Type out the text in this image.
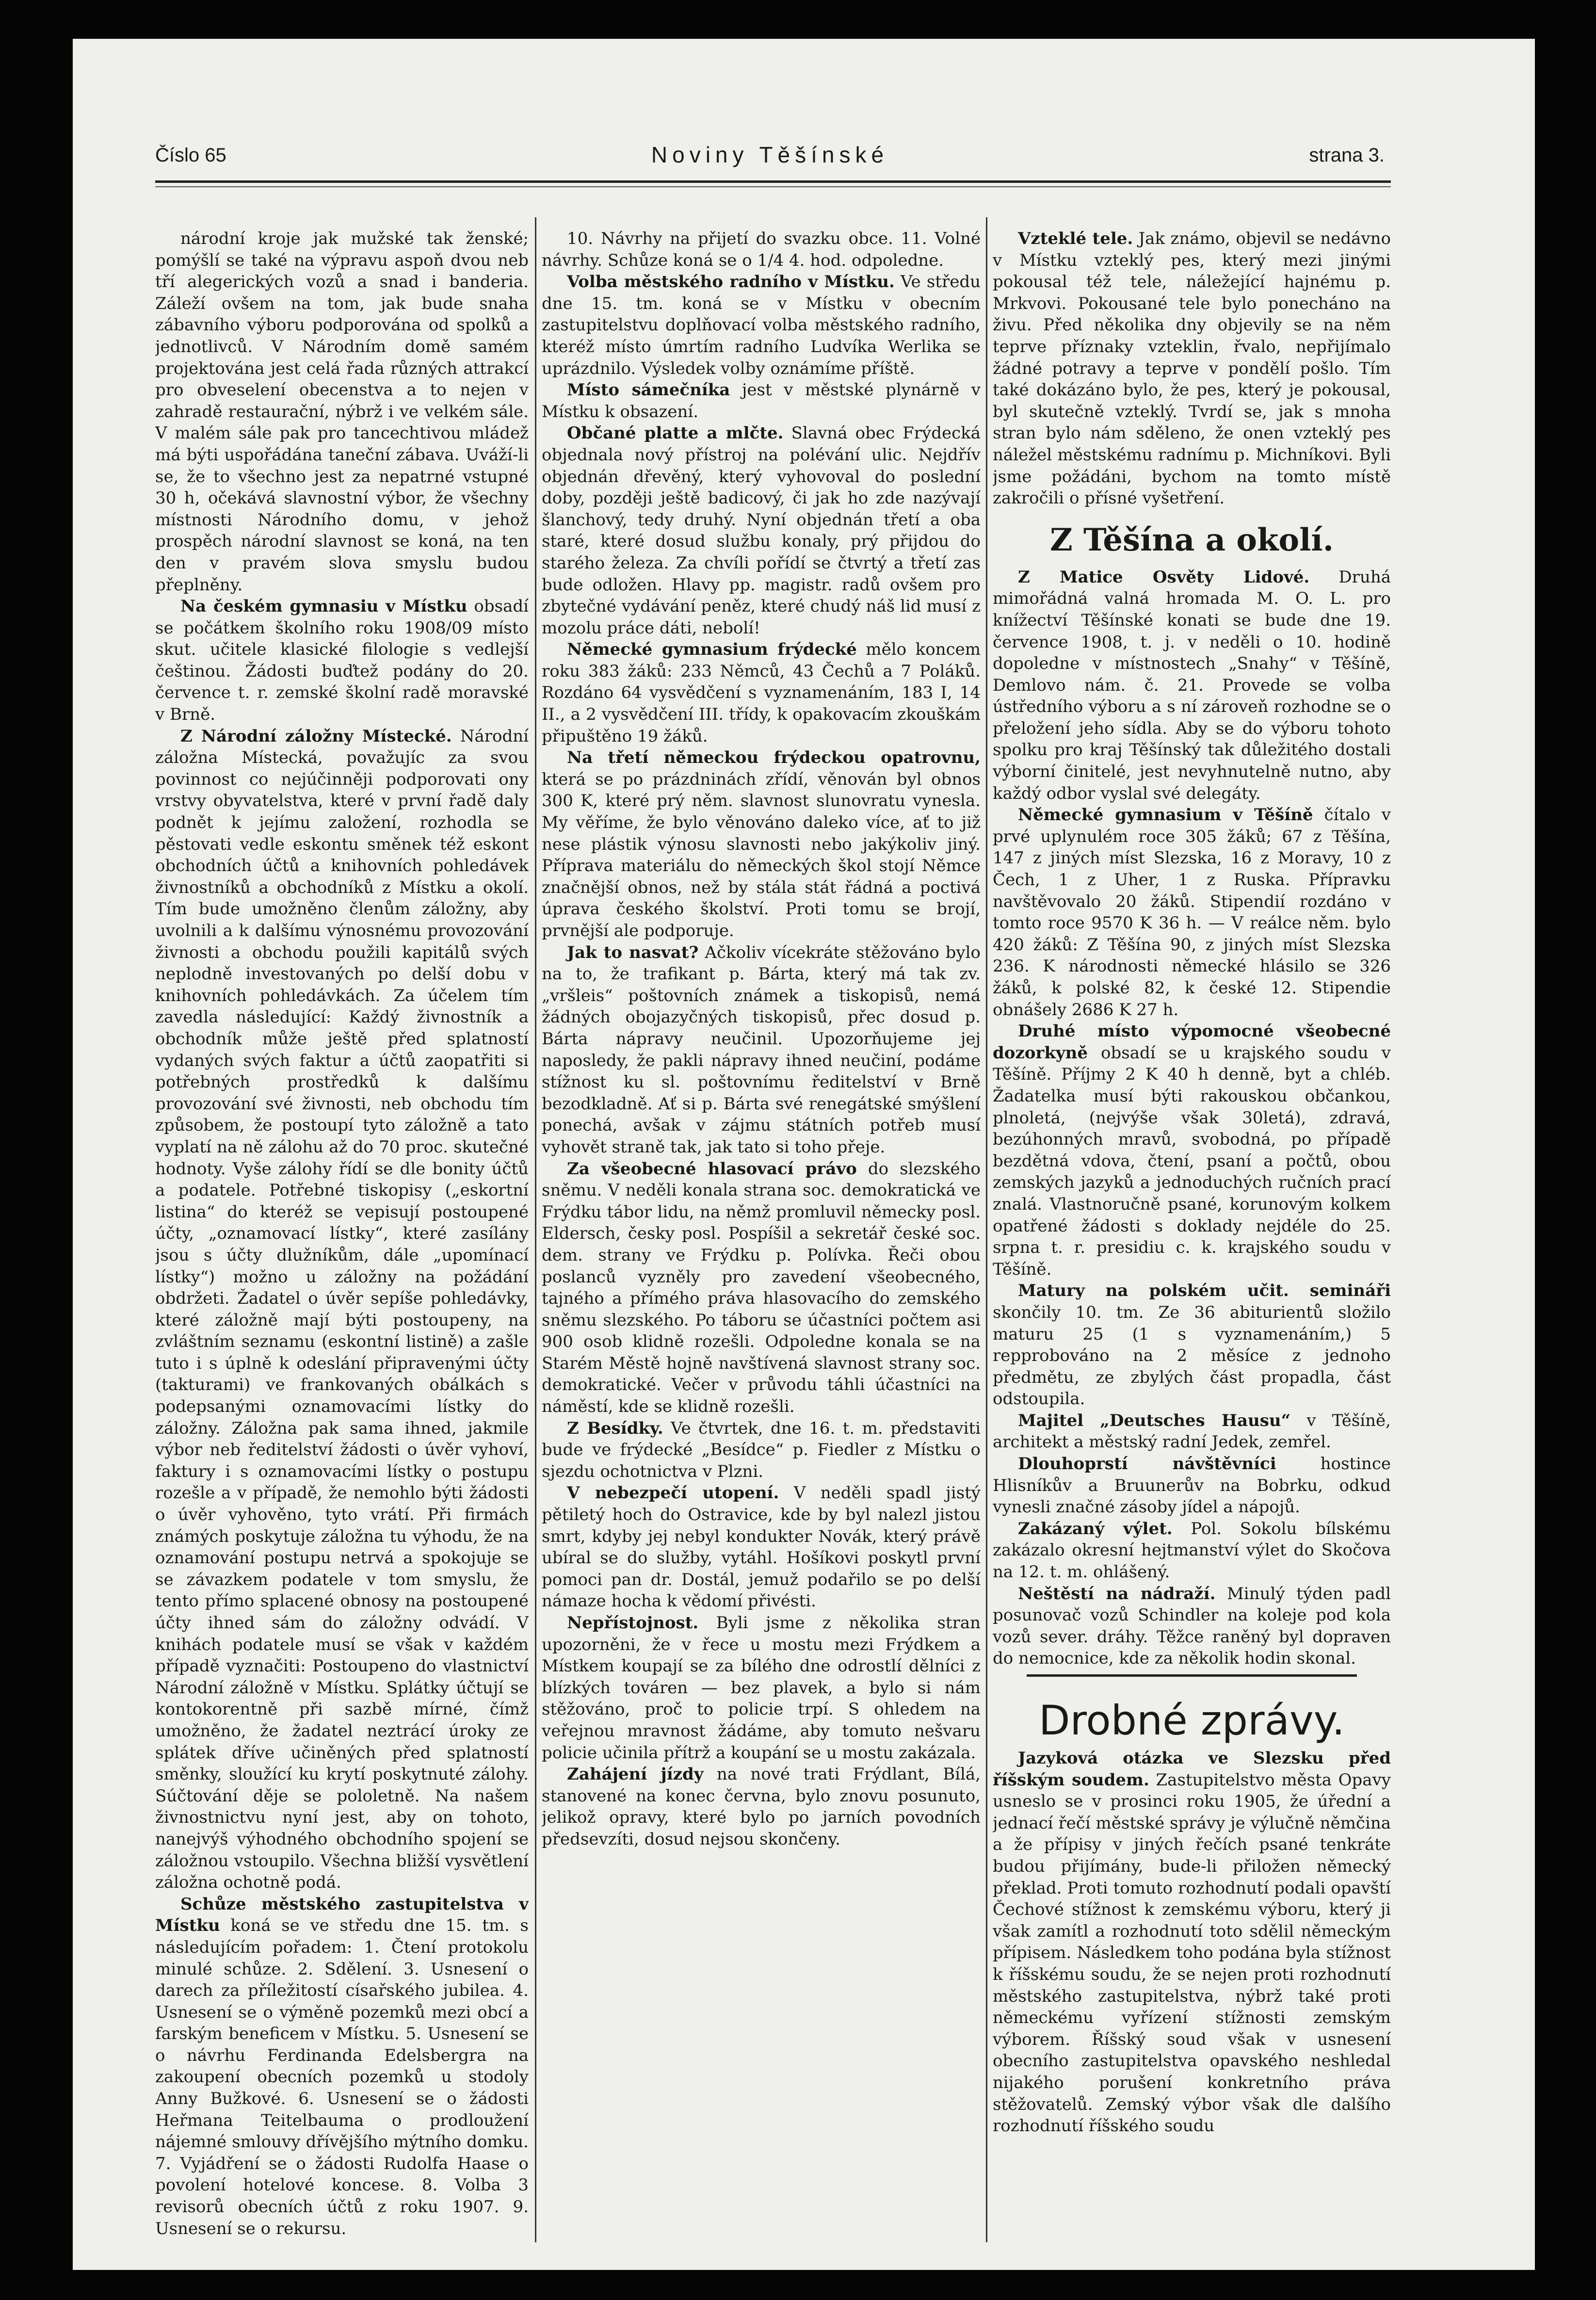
Číslo 65	Noviny Těšínské	strana 3.

národní kroje jak mužské tak ženské; pomýšlí se také na výpravu aspoň dvou neb tří alegerických vozů a snad i banderia. Záleží ovšem na tom, jak bude snaha zábavního výboru podporována od spolků a jednotlivců. V Národním domě samém projektována jest celá řada různých attrakcí pro obveselení obecenstva a to nejen v zahradě restaurační, nýbrž i ve velkém sále. V malém sále pak pro tancechtivou mládež má býti uspořádána taneční zábava. Uváží-li se, že to všechno jest za nepatrné vstupné 30 h, očekává slavnostní výbor, že všechny místnosti Národního domu, v jehož prospěch národní slavnost se koná, na ten den v pravém slova smyslu budou přeplněny.

Na českém gymnasiu v Místku obsadí se počátkem školního roku 1908/09 místo skut. učitele klasické filologie s vedlejší češtinou. Žádosti buďtež podány do 20. července t. r. zemské školní radě moravské v Brně.

Z Národní záložny Místecké. Národní záložna Místecká, považujíc za svou povinnost co nejúčinněji podporovati ony vrstvy obyvatelstva, které v první řadě daly podnět k jejímu založení, rozhodla se pěstovati vedle eskontu směnek též eskont obchodních účtů a knihovních pohledávek živnostníků a obchodníků z Místku a okolí. Tím bude umožněno členům záložny, aby uvolnili a k dalšímu výnosnému provozování živnosti a obchodu použili kapitálů svých neplodně investovaných po delší dobu v knihovních pohledávkách. Za účelem tím zavedla následující: Každý živnostník a obchodník může ještě před splatností vydaných svých faktur a účtů zaopatřiti si potřebných prostředků k dalšímu provozování své živnosti, neb obchodu tím způsobem, že postoupí tyto záložně a tato vyplatí na ně zálohu až do 70 proc. skutečné hodnoty. Vyše zálohy řídí se dle bonity účtů a podatele. Potřebné tiskopisy („eskortní listina“ do kteréž se vepisují postoupené účty, „oznamovací lístky“, které zasílány jsou s účty dlužníkům, dále „upomínací lístky“) možno u záložny na požádání obdržeti. Žadatel o úvěr sepíše pohledávky, které záložně mají býti postoupeny, na zvláštním seznamu (eskontní listině) a zašle tuto i s úplně k odeslání připravenými účty (takturami) ve frankovaných obálkách s podepsanými oznamovacími lístky do záložny. Záložna pak sama ihned, jakmile výbor neb ředitelství žádosti o úvěr vyhoví, faktury i s oznamovacími lístky o postupu rozešle a v případě, že nemohlo býti žádosti o úvěr vyhověno, tyto vrátí. Při firmách známých poskytuje záložna tu výhodu, že na oznamování postupu netrvá a spokojuje se se závazkem podatele v tom smyslu, že tento přímo splacené obnosy na postoupené účty ihned sám do záložny odvádí. V knihách podatele musí se však v každém případě vyznačiti: Postoupeno do vlastnictví Národní záložně v Místku. Splátky účtují se kontokorentně při sazbě mírné, čímž umožněno, že žadatel neztrácí úroky ze splátek dříve učiněných před splatností směnky, sloužící ku krytí poskytnuté zálohy. Súčtování děje se pololetně. Na našem živnostnictvu nyní jest, aby on tohoto, nanejvýš výhodného obchodního spojení se záložnou vstoupilo. Všechna bližší vysvětlení záložna ochotně podá.

Schůze městského zastupitelstva v Místku koná se ve středu dne 15. tm. s následujícím pořadem: 1. Čtení protokolu minulé schůze. 2. Sdělení. 3. Usnesení o darech za příležitostí císařského jubilea. 4. Usnesení se o výměně pozemků mezi obcí a farským beneficem v Místku. 5. Usnesení se o návrhu Ferdinanda Edelsbergra na zakoupení obecních pozemků u stodoly Anny Bužkové. 6. Usnesení se o žádosti Heřmana Teitelbauma o prodloužení nájemné smlouvy dřívějšího mýtního domku. 7. Vyjádření se o žádosti Rudolfa Haase o povolení hotelové koncese. 8. Volba 3 revisorů obecních účtů z roku 1907. 9. Usnesení se o rekursu.

10. Návrhy na přijetí do svazku obce. 11. Volné návrhy. Schůze koná se o 1/4 4. hod. odpoledne.

Volba městského radního v Místku. Ve středu dne 15. tm. koná se v Místku v obecním zastupitelstvu doplňovací volba městského radního, kteréž místo úmrtím radního Ludvíka Werlika se uprázdnilo. Výsledek volby oznámíme příště.

Místo sámečníka jest v městské plynárně v Místku k obsazení.

Občané platte a mlčte. Slavná obec Frýdecká objednala nový přístroj na polévání ulic. Nejdřív objednán dřevěný, který vyhovoval do poslední doby, později ještě badicový, či jak ho zde nazývají šlanchový, tedy druhý. Nyní objednán třetí a oba staré, které dosud službu konaly, prý přijdou do starého železa. Za chvíli pořídí se čtvrtý a třetí zas bude odložen. Hlavy pp. magistr. radů ovšem pro zbytečné vydávání peněz, které chudý náš lid musí z mozolu práce dáti, nebolí!

Německé gymnasium frýdecké mělo koncem roku 383 žáků: 233 Němců, 43 Čechů a 7 Poláků. Rozdáno 64 vysvědčení s vyznamenáním, 183 I, 14 II., a 2 vysvědčení III. třídy, k opakovacím zkouškám připuštěno 19 žáků.

Na třetí německou frýdeckou opatrovnu, která se po prázdninách zřídí, věnován byl obnos 300 K, které prý něm. slavnost slunovratu vynesla. My věříme, že bylo věnováno daleko více, ať to již nese plástik výnosu slavnosti nebo jakýkoliv jiný. Příprava materiálu do německých škol stojí Němce značnější obnos, než by stála stát řádná a poctivá úprava českého školství. Proti tomu se brojí, prvnější ale podporuje.

Jak to nasvat? Ačkoliv vícekráte stěžováno bylo na to, že trafikant p. Bárta, který má tak zv. „vršleis“ poštovních známek a tiskopisů, nemá žádných obojazyčných tiskopisů, přec dosud p. Bárta nápravy neučinil. Upozorňujeme jej naposledy, že pakli nápravy ihned neučiní, podáme stížnost ku sl. poštovnímu ředitelství v Brně bezodkladně. Ať si p. Bárta své renegátské smýšlení ponechá, avšak v zájmu státních potřeb musí vyhovět straně tak, jak tato si toho přeje.

Za všeobecné hlasovací právo do slezského sněmu. V neděli konala strana soc. demokratická ve Frýdku tábor lidu, na němž promluvil německy posl. Eldersch, česky posl. Pospíšil a sekretář české soc. dem. strany ve Frýdku p. Polívka. Řeči obou poslanců vyzněly pro zavedení všeobecného, tajného a přímého práva hlasovacího do zemského sněmu slezského. Po táboru se účastníci počtem asi 900 osob klidně rozešli. Odpoledne konala se na Starém Městě hojně navštívená slavnost strany soc. demokratické. Večer v průvodu táhli účastníci na náměstí, kde se klidně rozešli.

Z Besídky. Ve čtvrtek, dne 16. t. m. představiti bude ve frýdecké „Besídce“ p. Fiedler z Místku o sjezdu ochotnictva v Plzni.

V nebezpečí utopení. V neděli spadl jistý pětiletý hoch do Ostravice, kde by byl nalezl jistou smrt, kdyby jej nebyl kondukter Novák, který právě ubíral se do služby, vytáhl. Hošíkovi poskytl první pomoci pan dr. Dostál, jemuž podařilo se po delší námaze hocha k vědomí přivésti.

Nepřístojnost. Byli jsme z několika stran upozorněni, že v řece u mostu mezi Frýdkem a Místkem koupají se za bílého dne odrostlí dělníci z blízkých továren — bez plavek, a bylo si nám stěžováno, proč to policie trpí. S ohledem na veřejnou mravnost žádáme, aby tomuto nešvaru policie učinila přítrž a koupání se u mostu zakázala.

Zahájení jízdy na nové trati Frýdlant, Bílá, stanovené na konec června, bylo znovu posunuto, jelikož opravy, které bylo po jarních povodních předsevzíti, dosud nejsou skončeny.

Vzteklé tele. Jak známo, objevil se nedávno v Místku vzteklý pes, který mezi jinými pokousal též tele, náležející hajnému p. Mrkvovi. Pokousané tele bylo ponecháno na živu. Před několika dny objevily se na něm teprve příznaky vzteklin, řvalo, nepřijímalo žádné potravy a teprve v pondělí pošlo. Tím také dokázáno bylo, že pes, který je pokousal, byl skutečně vzteklý. Tvrdí se, jak s mnoha stran bylo nám sděleno, že onen vzteklý pes náležel městskému radnímu p. Michníkovi. Byli jsme požádáni, bychom na tomto místě zakročili o přísné vyšetření.

Z Těšína a okolí.

Z Matice Osvěty Lidové. Druhá mimořádná valná hromada M. O. L. pro knížectví Těšínské konati se bude dne 19. července 1908, t. j. v neděli o 10. hodině dopoledne v místnostech „Snahy“ v Těšíně, Demlovo nám. č. 21. Provede se volba ústředního výboru a s ní zároveň rozhodne se o přeložení jeho sídla. Aby se do výboru tohoto spolku pro kraj Těšínský tak důležitého dostali výborní činitelé, jest nevyhnutelně nutno, aby každý odbor vyslal své delegáty.

Německé gymnasium v Těšíně čítalo v prvé uplynulém roce 305 žáků; 67 z Těšína, 147 z jiných míst Slezska, 16 z Moravy, 10 z Čech, 1 z Uher, 1 z Ruska. Přípravku navštěvovalo 20 žáků. Stipendií rozdáno v tomto roce 9570 K 36 h. — V reálce něm. bylo 420 žáků: Z Těšína 90, z jiných míst Slezska 236. K národnosti německé hlásilo se 326 žáků, k polské 82, k české 12. Stipendie obnášely 2686 K 27 h.

Druhé místo výpomocné všeobecné dozorkyně obsadí se u krajského soudu v Těšíně. Příjmy 2 K 40 h denně, byt a chléb. Žadatelka musí býti rakouskou občankou, plnoletá, (nejvýše však 30letá), zdravá, bezúhonných mravů, svobodná, po případě bezdětná vdova, čtení, psaní a počtů, obou zemských jazyků a jednoduchých ručních prací znalá. Vlastnoručně psané, korunovým kolkem opatřené žádosti s doklady nejdéle do 25. srpna t. r. presidiu c. k. krajského soudu v Těšíně.

Matury na polském učit. semináři skončily 10. tm. Ze 36 abiturientů složilo maturu 25 (1 s vyznamenáním,) 5 repprobováno na 2 měsíce z jednoho předmětu, ze zbylých část propadla, část odstoupila.

Majitel „Deutsches Hausu“ v Těšíně, architekt a městský radní Jedek, zemřel.

Dlouhoprstí návštěvníci hostince Hlisníkův a Bruunerův na Bobrku, odkud vynesli značné zásoby jídel a nápojů.

Zakázaný výlet. Pol. Sokolu bílskému zakázalo okresní hejtmanství výlet do Skočova na 12. t. m. ohlášený.

Neštěstí na nádraží. Minulý týden padl posunovač vozů Schindler na koleje pod kola vozů sever. dráhy. Těžce raněný byl dopraven do nemocnice, kde za několik hodin skonal.

Drobné zprávy.

Jazyková otázka ve Slezsku před říšským soudem. Zastupitelstvo města Opavy usneslo se v prosinci roku 1905, že úřední a jednací řečí městské správy je výlučně němčina a že přípisy v jiných řečích psané tenkráte budou přijímány, bude-li přiložen německý překlad. Proti tomuto rozhodnutí podali opavští Čechové stížnost k zemskému výboru, který ji však zamítl a rozhodnutí toto sdělil německým přípisem. Následkem toho podána byla stížnost k říšskému soudu, že se nejen proti rozhodnutí městského zastupitelstva, nýbrž také proti německému vyřízení stížnosti zemským výborem. Říšský soud však v usnesení obecního zastupitelstva opavského neshledal nijakého porušení konkretního práva stěžovatelů. Zemský výbor však dle dalšího rozhodnutí říšského soudu
